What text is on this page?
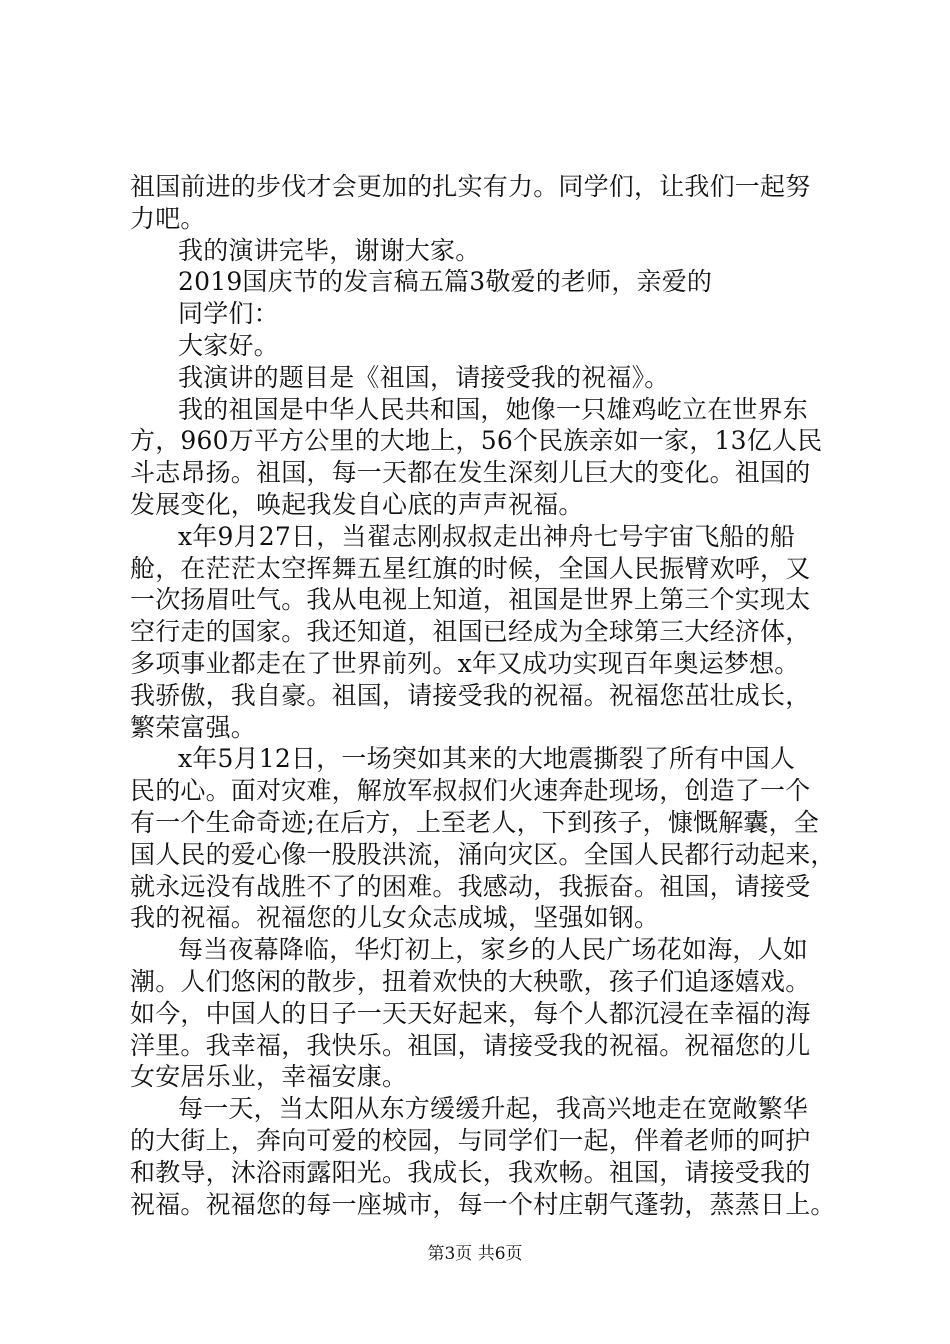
祖国前进的步伐才会更加的扎实有力。同学们，让我们一起努
力吧。
我的演讲完毕，谢谢大家。
2019国庆节的发言稿五篇3敬爱的老师，亲爱的
同学们：
大家好。
我演讲的题目是《祖国，请接受我的祝福》。
我的祖国是中华人民共和国，她像一只雄鸡屹立在世界东
方，960万平方公里的大地上，56个民族亲如一家，13亿人民
斗志昂扬。祖国，每一天都在发生深刻儿巨大的变化。祖国的
发展变化，唤起我发自心底的声声祝福。
x年9月27日，当翟志刚叔叔走出神舟七号宇宙飞船的船
舱，在茫茫太空挥舞五星红旗的时候，全国人民振臂欢呼，又
一次扬眉吐气。我从电视上知道，祖国是世界上第三个实现太
空行走的国家。我还知道，祖国已经成为全球第三大经济体，
多项事业都走在了世界前列。x年又成功实现百年奥运梦想。
我骄傲，我自豪。祖国，请接受我的祝福。祝福您茁壮成长，
繁荣富强。
x年5月12日，一场突如其来的大地震撕裂了所有中国人
民的心。面对灾难，解放军叔叔们火速奔赴现场，创造了一个
有一个生命奇迹;在后方，上至老人，下到孩子，慷慨解囊，全
国人民的爱心像一股股洪流，涌向灾区。全国人民都行动起来，
就永远没有战胜不了的困难。我感动，我振奋。祖国，请接受
我的祝福。祝福您的儿女众志成城，坚强如钢。
每当夜幕降临，华灯初上，家乡的人民广场花如海，人如
潮。人们悠闲的散步，扭着欢快的大秧歌，孩子们追逐嬉戏。
如今，中国人的日子一天天好起来，每个人都沉浸在幸福的海
洋里。我幸福，我快乐。祖国，请接受我的祝福。祝福您的儿
女安居乐业，幸福安康。
每一天，当太阳从东方缓缓升起，我高兴地走在宽敞繁华
的大街上，奔向可爱的校园，与同学们一起，伴着老师的呵护
和教导，沐浴雨露阳光。我成长，我欢畅。祖国，请接受我的
祝福。祝福您的每一座城市，每一个村庄朝气蓬勃，蒸蒸日上。
第3页 共6页
